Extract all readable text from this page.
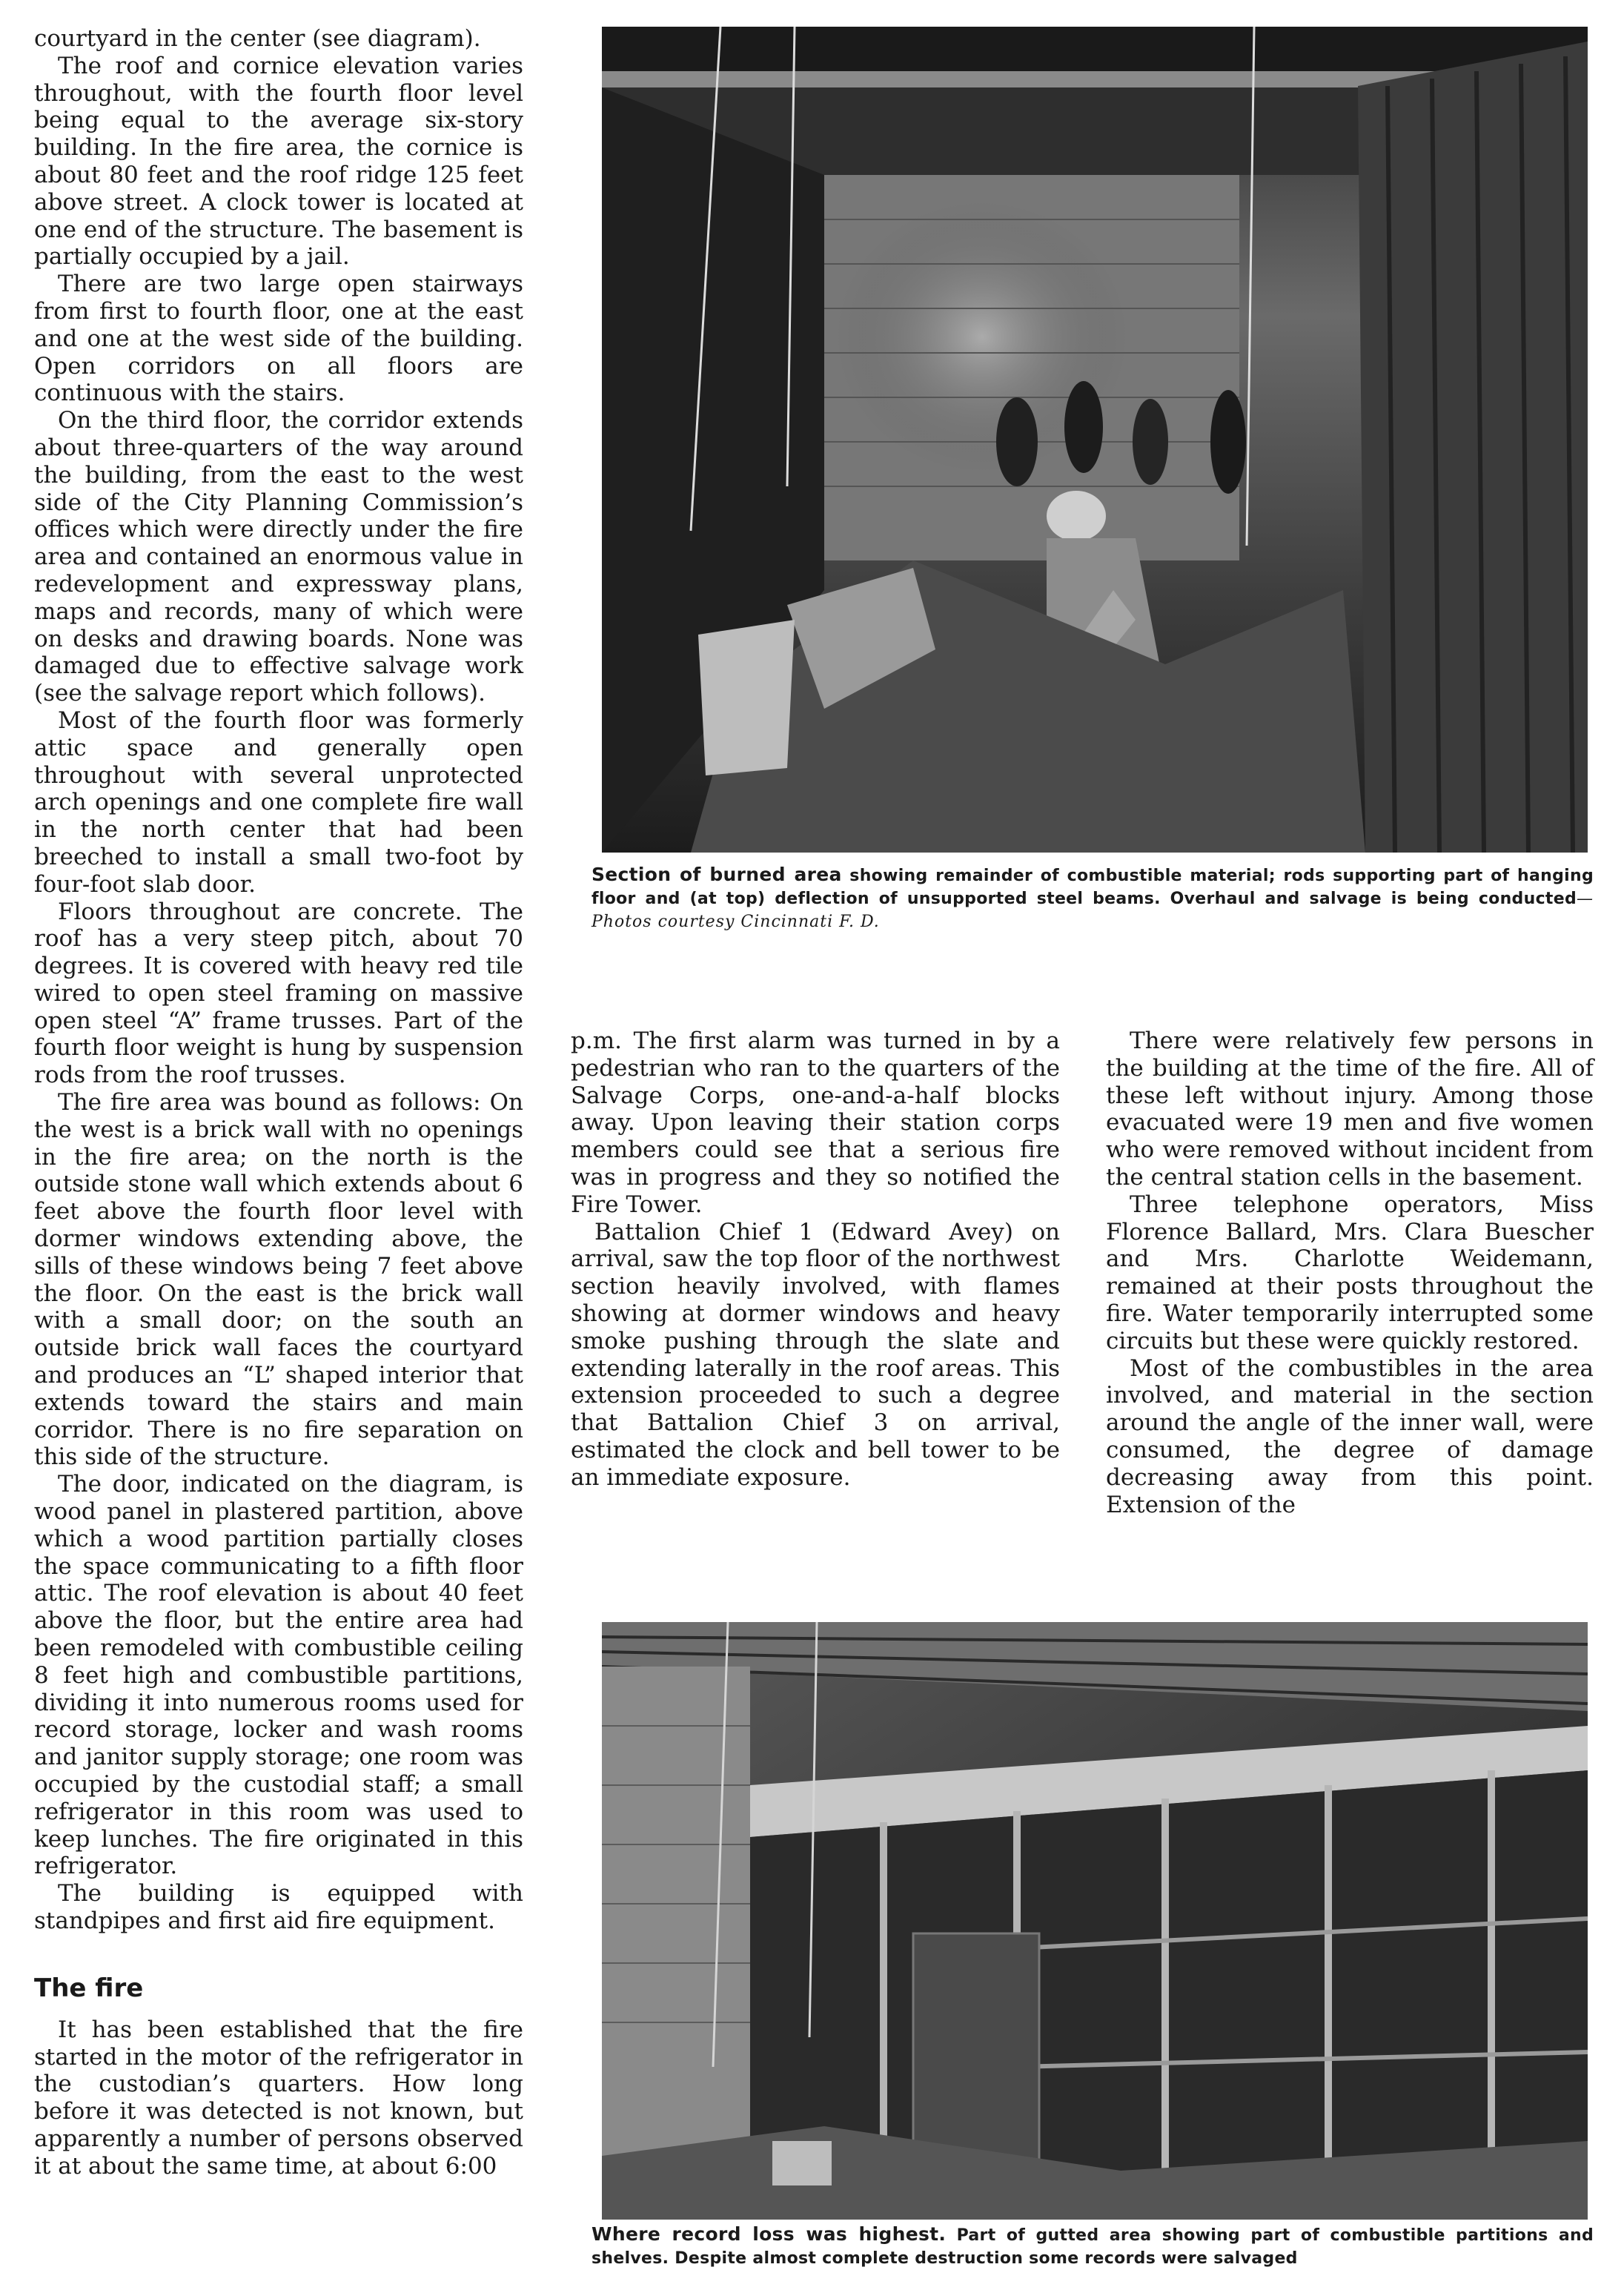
courtyard in the center (see diagram).

The roof and cornice elevation varies throughout, with the fourth floor level being equal to the average six-story building. In the fire area, the cornice is about 80 feet and the roof ridge 125 feet above street. A clock tower is located at one end of the structure. The basement is partially occupied by a jail.

There are two large open stairways from first to fourth floor, one at the east and one at the west side of the building. Open corridors on all floors are continuous with the stairs.

On the third floor, the corridor extends about three-quarters of the way around the building, from the east to the west side of the City Planning Commission’s offices which were directly under the fire area and contained an enormous value in redevelopment and expressway plans, maps and records, many of which were on desks and drawing boards. None was damaged due to effective salvage work (see the salvage report which follows).

Most of the fourth floor was formerly attic space and generally open throughout with several unprotected arch openings and one complete fire wall in the north center that had been breeched to install a small two-foot by four-foot slab door.

Floors throughout are concrete. The roof has a very steep pitch, about 70 degrees. It is covered with heavy red tile wired to open steel framing on massive open steel “A” frame trusses. Part of the fourth floor weight is hung by suspension rods from the roof trusses.

The fire area was bound as follows: On the west is a brick wall with no openings in the fire area; on the north is the outside stone wall which extends about 6 feet above the fourth floor level with dormer windows extending above, the sills of these windows being 7 feet above the floor. On the east is the brick wall with a small door; on the south an outside brick wall faces the courtyard and produces an “L” shaped interior that extends toward the stairs and main corridor. There is no fire separation on this side of the structure.

The door, indicated on the diagram, is wood panel in plastered partition, above which a wood partition partially closes the space communicating to a fifth floor attic. The roof elevation is about 40 feet above the floor, but the entire area had been remodeled with combustible ceiling 8 feet high and combustible partitions, dividing it into numerous rooms used for record storage, locker and wash rooms and janitor supply storage; one room was occupied by the custodial staff; a small refrigerator in this room was used to keep lunches. The fire originated in this refrigerator.

The building is equipped with standpipes and first aid fire equipment.

The fire

It has been established that the fire started in the motor of the refrigerator in the custodian’s quarters. How long before it was detected is not known, but apparently a number of persons observed it at about the same time, at about 6:00

Section of burned area showing remainder of combustible material; rods supporting part of hanging floor and (at top) deflection of unsupported steel beams. Overhaul and salvage is being conducted—Photos courtesy Cincinnati F. D.

p.m. The first alarm was turned in by a pedestrian who ran to the quarters of the Salvage Corps, one-and-a-half blocks away. Upon leaving their station corps members could see that a serious fire was in progress and they so notified the Fire Tower.

Battalion Chief 1 (Edward Avey) on arrival, saw the top floor of the northwest section heavily involved, with flames showing at dormer windows and heavy smoke pushing through the slate and extending laterally in the roof areas. This extension proceeded to such a degree that Battalion Chief 3 on arrival, estimated the clock and bell tower to be an immediate exposure.

There were relatively few persons in the building at the time of the fire. All of these left without injury. Among those evacuated were 19 men and five women who were removed without incident from the central station cells in the basement.

Three telephone operators, Miss Florence Ballard, Mrs. Clara Buescher and Mrs. Charlotte Weidemann, remained at their posts throughout the fire. Water temporarily interrupted some circuits but these were quickly restored.

Most of the combustibles in the area involved, and material in the section around the angle of the inner wall, were consumed, the degree of damage decreasing away from this point. Extension of the

Where record loss was highest. Part of gutted area showing part of combustible partitions and shelves. Despite almost complete destruction some records were salvaged
